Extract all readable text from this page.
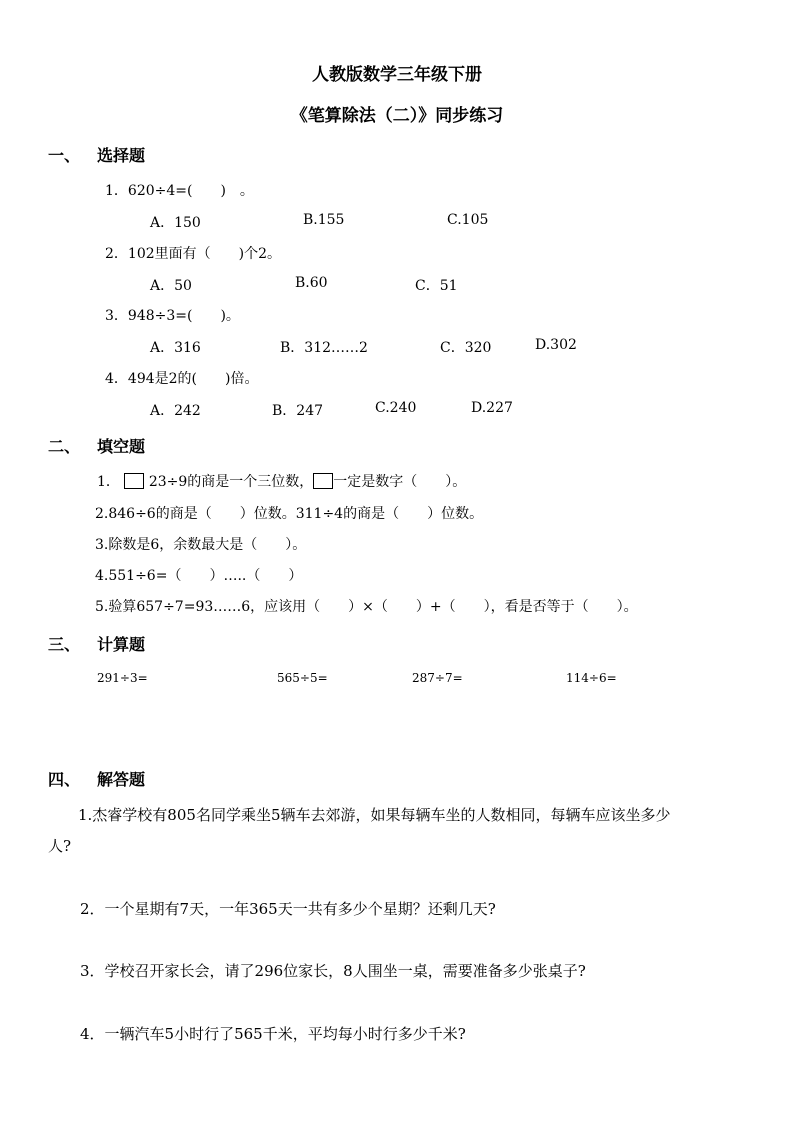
人教版数学三年级下册
《笔算除法（二）》同步练习
一、 选择题
1．620÷4=(　　)　。
A．150	B.155	C.105
2．102里面有（　　)个2。
A．50	B.60	C．51
3．948÷3=(　　)。
A．316	B．312……2	C．320	D.302
4．494是2的(　　)倍。
A．242	B．247	C.240	D.227
二、 填空题
1． 23÷9的商是一个三位数， 一定是数字（　　）。
2.846÷6的商是（　　）位数。311÷4的商是（　　）位数。
3.除数是6，余数最大是（　　）。
4.551÷6=（　　）…..（　　）
5.验算657÷7=93……6，应该用（　　）×（　　）+（　　），看是否等于（　　）。
三、 计算题
291÷3=	565÷5=	287÷7=	114÷6=
四、 解答题
1.杰睿学校有805名同学乘坐5辆车去郊游，如果每辆车坐的人数相同，每辆车应该坐多少
人?
2．一个星期有7天，一年365天一共有多少个星期？还剩几天?
3．学校召开家长会，请了296位家长，8人围坐一桌，需要准备多少张桌子?
4．一辆汽车5小时行了565千米，平均每小时行多少千米?
